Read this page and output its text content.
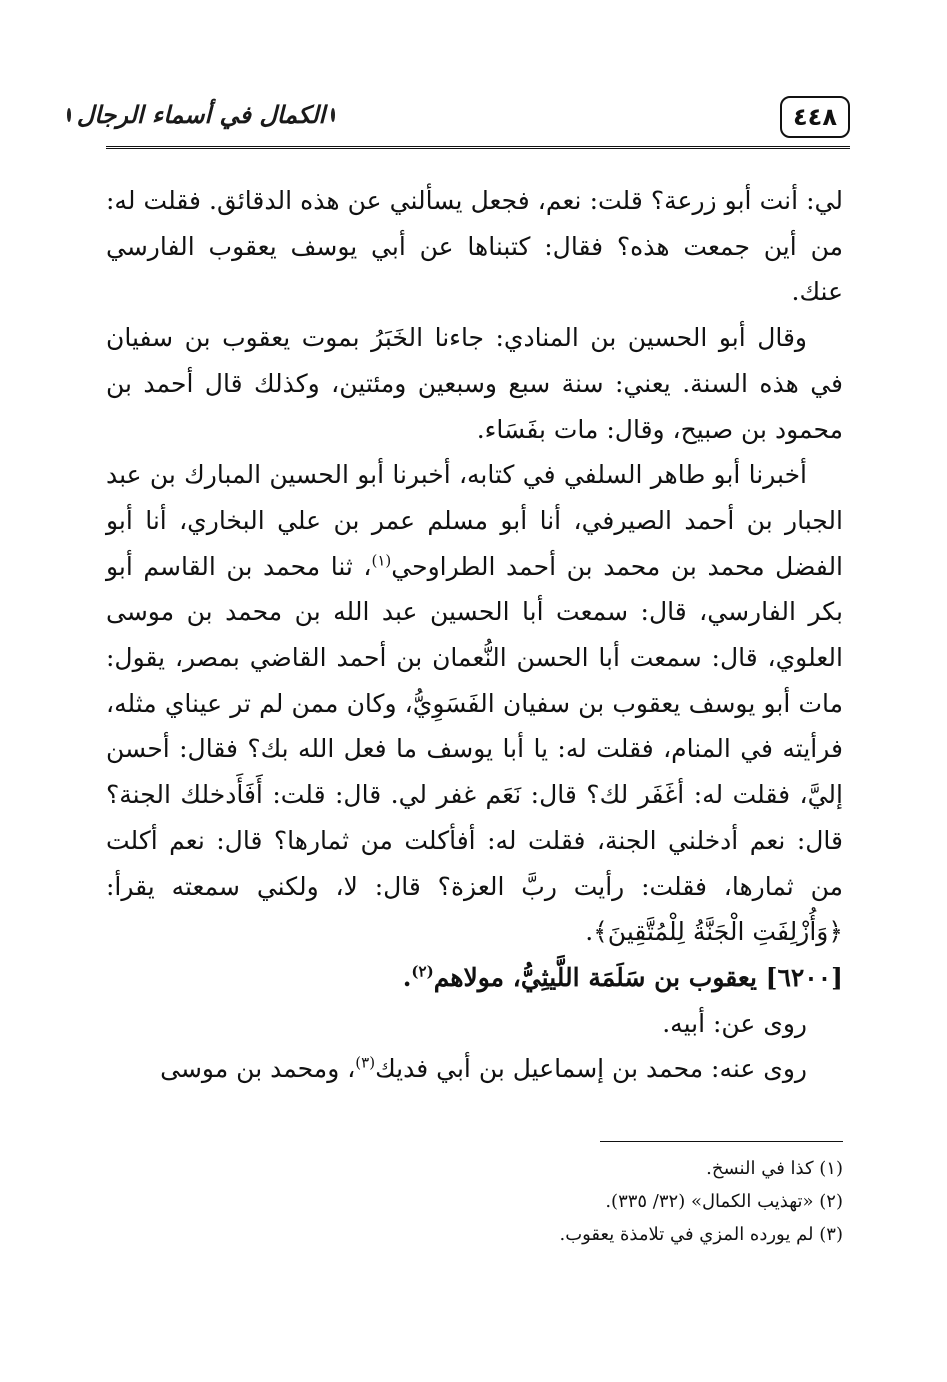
الكمال في أسماء الرجال	٤٤٨

لي: أنت أبو زرعة؟ قلت: نعم، فجعل يسألني عن هذه الدقائق. فقلت له: من أين جمعت هذه؟ فقال: كتبناها عن أبي يوسف يعقوب الفارسي عنك.

وقال أبو الحسين بن المنادي: جاءنا الخَبَرُ بموت يعقوب بن سفيان في هذه السنة. يعني: سنة سبع وسبعين ومئتين، وكذلك قال أحمد بن محمود بن صبيح، وقال: مات بفَسَاء.

أخبرنا أبو طاهر السلفي في كتابه، أخبرنا أبو الحسين المبارك بن عبد الجبار بن أحمد الصيرفي، أنا أبو مسلم عمر بن علي البخاري، أنا أبو الفضل محمد بن محمد بن أحمد الطراوحي$^{(١)}$، ثنا محمد بن القاسم أبو بكر الفارسي، قال: سمعت أبا الحسين عبد الله بن محمد بن موسى العلوي، قال: سمعت أبا الحسن النُّعمان بن أحمد القاضي بمصر، يقول: مات أبو يوسف يعقوب بن سفيان الفَسَوِيُّ، وكان ممن لم تر عيناي مثله، فرأيته في المنام، فقلت له: يا أبا يوسف ما فعل الله بك؟ فقال: أحسن إليَّ، فقلت له: أغَفَر لك؟ قال: نَعَم غفر لي. قال: قلت: أَفَأَدخلك الجنة؟ قال: نعم أدخلني الجنة، فقلت له: أفأكلت من ثمارها؟ قال: نعم أكلت من ثمارها، فقلت: رأيت ربَّ العزة؟ قال: لا، ولكني سمعته يقرأ: ﴿وَأُزْلِفَتِ الْجَنَّةُ لِلْمُتَّقِينَ﴾.

[٦٢٠٠] يعقوب بن سَلَمَة اللَّيثِيُّ، مولاهم$^{(٢)}$.

روى عن: أبيه.

روى عنه: محمد بن إسماعيل بن أبي فديك$^{(٣)}$، ومحمد بن موسى

(١) كذا في النسخ.
(٢) «تهذيب الكمال» (٣٢/ ٣٣٥).
(٣) لم يورده المزي في تلامذة يعقوب.
